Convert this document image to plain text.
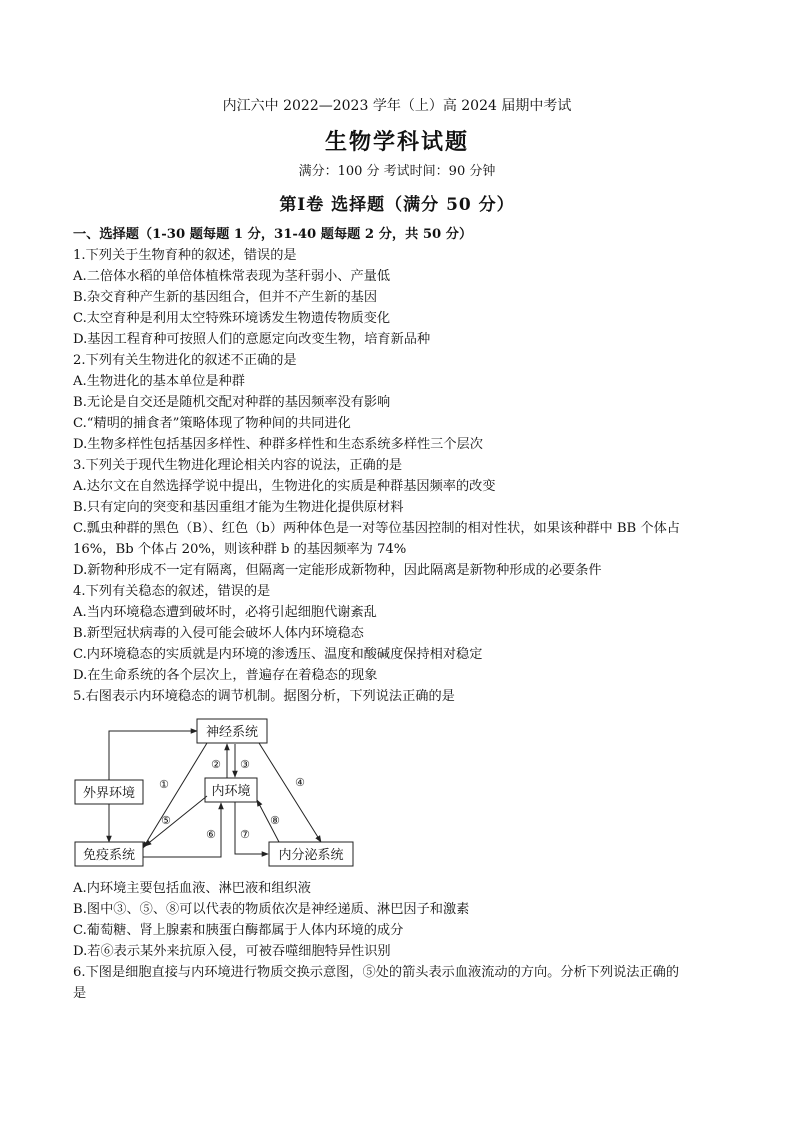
内江六中 2022—2023 学年（上）高 2024 届期中考试
生物学科试题
满分：100 分 考试时间：90 分钟
第Ⅰ卷 选择题（满分 50 分）
一、选择题（1-30 题每题 1 分，31-40 题每题 2 分，共 50 分）
1.下列关于生物育种的叙述，错误的是
A.二倍体水稻的单倍体植株常表现为茎秆弱小、产量低
B.杂交育种产生新的基因组合，但并不产生新的基因
C.太空育种是利用太空特殊环境诱发生物遗传物质变化
D.基因工程育种可按照人们的意愿定向改变生物，培育新品种
2.下列有关生物进化的叙述不正确的是
A.生物进化的基本单位是种群
B.无论是自交还是随机交配对种群的基因频率没有影响
C.“精明的捕食者”策略体现了物种间的共同进化
D.生物多样性包括基因多样性、种群多样性和生态系统多样性三个层次
3.下列关于现代生物进化理论相关内容的说法，正确的是
A.达尔文在自然选择学说中提出，生物进化的实质是种群基因频率的改变
B.只有定向的突变和基因重组才能为生物进化提供原材料
C.瓢虫种群的黑色（B）、红色（b）两种体色是一对等位基因控制的相对性状，如果该种群中 BB 个体占
16%，Bb 个体占 20%，则该种群 b 的基因频率为 74%
D.新物种形成不一定有隔离，但隔离一定能形成新物种，因此隔离是新物种形成的必要条件
4.下列有关稳态的叙述，错误的是
A.当内环境稳态遭到破坏时，必将引起细胞代谢紊乱
B.新型冠状病毒的入侵可能会破坏人体内环境稳态
C.内环境稳态的实质就是内环境的渗透压、温度和酸碱度保持相对稳定
D.在生命系统的各个层次上，普遍存在着稳态的现象
5.右图表示内环境稳态的调节机制。据图分析，下列说法正确的是
神经系统
外界环境	内环境
免疫系统	内分泌系统
①
② ③
④
⑤
⑥ ⑦
⑧
A.内环境主要包括血液、淋巴液和组织液
B.图中③、⑤、⑧可以代表的物质依次是神经递质、淋巴因子和激素
C.葡萄糖、肾上腺素和胰蛋白酶都属于人体内环境的成分
D.若⑥表示某外来抗原入侵，可被吞噬细胞特异性识别
6.下图是细胞直接与内环境进行物质交换示意图，⑤处的箭头表示血液流动的方向。分析下列说法正确的
是
